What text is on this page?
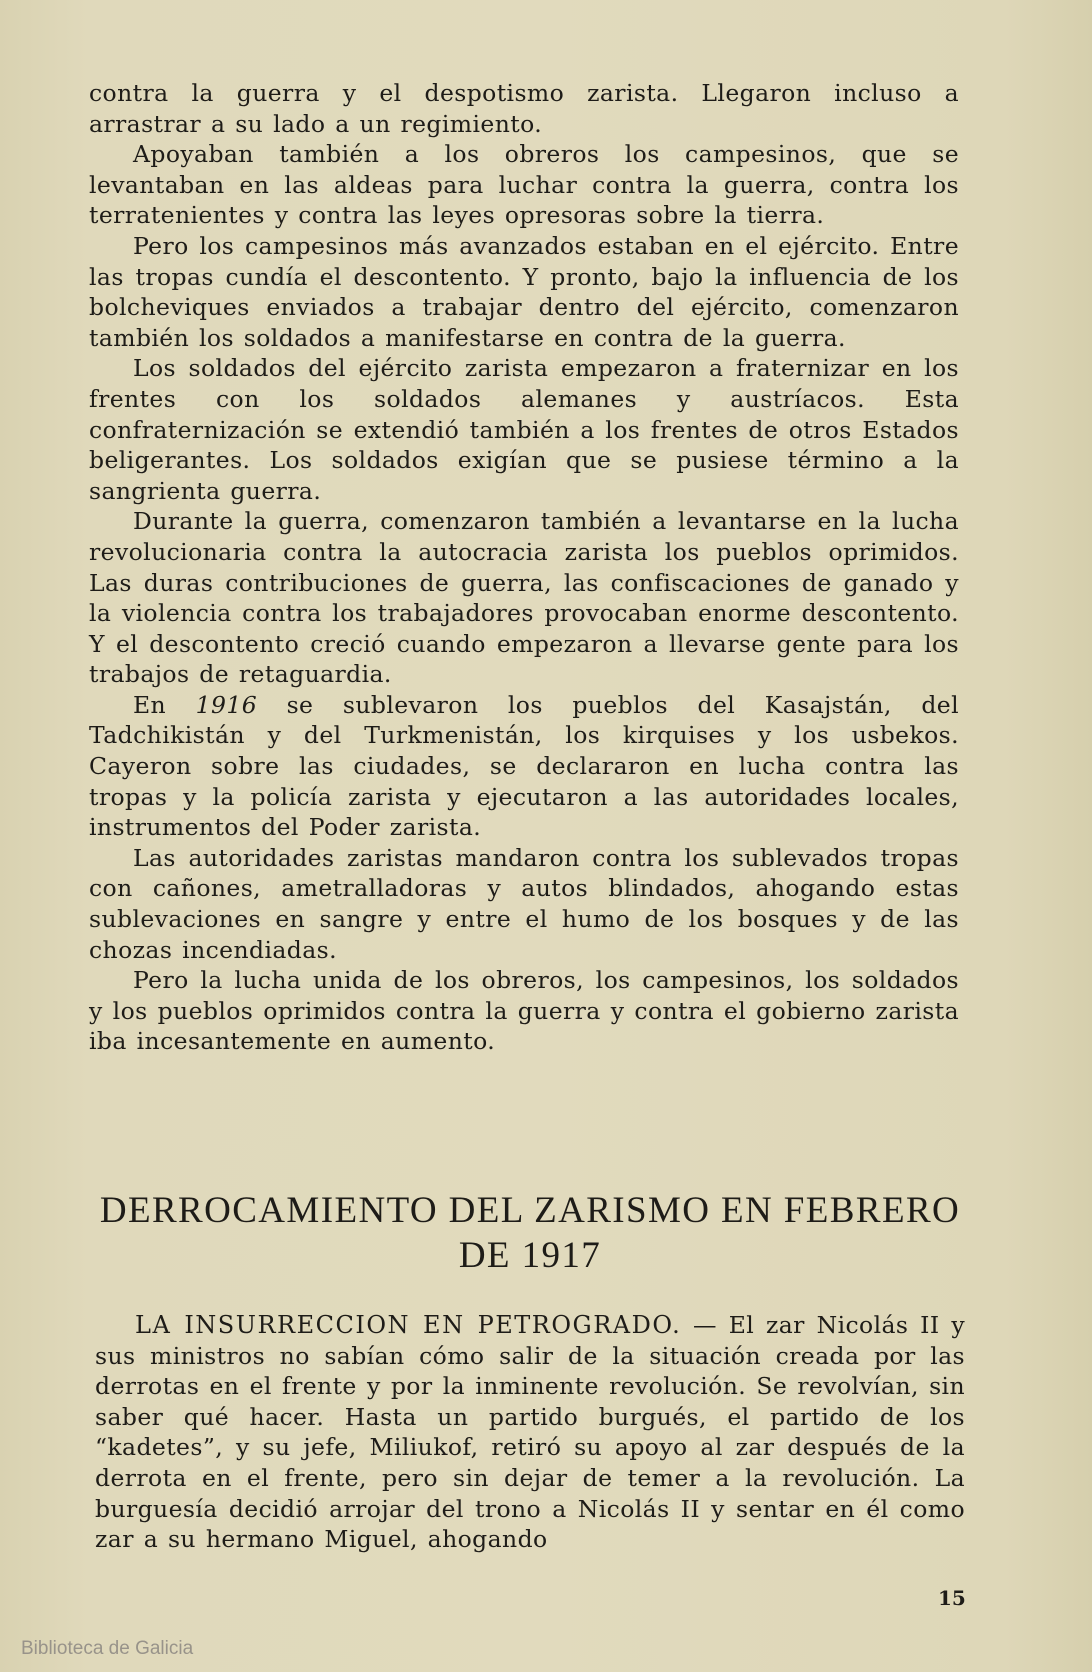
contra la guerra y el despotismo zarista. Llegaron incluso a arrastrar a su lado a un regimiento.

Apoyaban también a los obreros los campesinos, que se levantaban en las aldeas para luchar contra la guerra, contra los terratenientes y contra las leyes opresoras sobre la tierra.

Pero los campesinos más avanzados estaban en el ejército. Entre las tropas cundía el descontento. Y pronto, bajo la influencia de los bolcheviques enviados a trabajar dentro del ejército, comenzaron también los soldados a manifestarse en contra de la guerra.

Los soldados del ejército zarista empezaron a fraternizar en los frentes con los soldados alemanes y austríacos. Esta confraternización se extendió también a los frentes de otros Estados beligerantes. Los soldados exigían que se pusiese término a la sangrienta guerra.

Durante la guerra, comenzaron también a levantarse en la lucha revolucionaria contra la autocracia zarista los pueblos oprimidos. Las duras contribuciones de guerra, las confiscaciones de ganado y la violencia contra los trabajadores provocaban enorme descontento. Y el descontento creció cuando empezaron a llevarse gente para los trabajos de retaguardia.

En 1916 se sublevaron los pueblos del Kasajstán, del Tadchikistán y del Turkmenistán, los kirquises y los usbekos. Cayeron sobre las ciudades, se declararon en lucha contra las tropas y la policía zarista y ejecutaron a las autoridades locales, instrumentos del Poder zarista.

Las autoridades zaristas mandaron contra los sublevados tropas con cañones, ametralladoras y autos blindados, ahogando estas sublevaciones en sangre y entre el humo de los bosques y de las chozas incendiadas.

Pero la lucha unida de los obreros, los campesinos, los soldados y los pueblos oprimidos contra la guerra y contra el gobierno zarista iba incesantemente en aumento.

DERROCAMIENTO DEL ZARISMO EN FEBRERO
DE 1917

LA INSURRECCION EN PETROGRADO. — El zar Nicolás II y sus ministros no sabían cómo salir de la situación creada por las derrotas en el frente y por la inminente revolución. Se revolvían, sin saber qué hacer. Hasta un partido burgués, el partido de los “kadetes”, y su jefe, Miliukof, retiró su apoyo al zar después de la derrota en el frente, pero sin dejar de temer a la revolución. La burguesía decidió arrojar del trono a Nicolás II y sentar en él como zar a su hermano Miguel, ahogando

15
Biblioteca de Galicia
